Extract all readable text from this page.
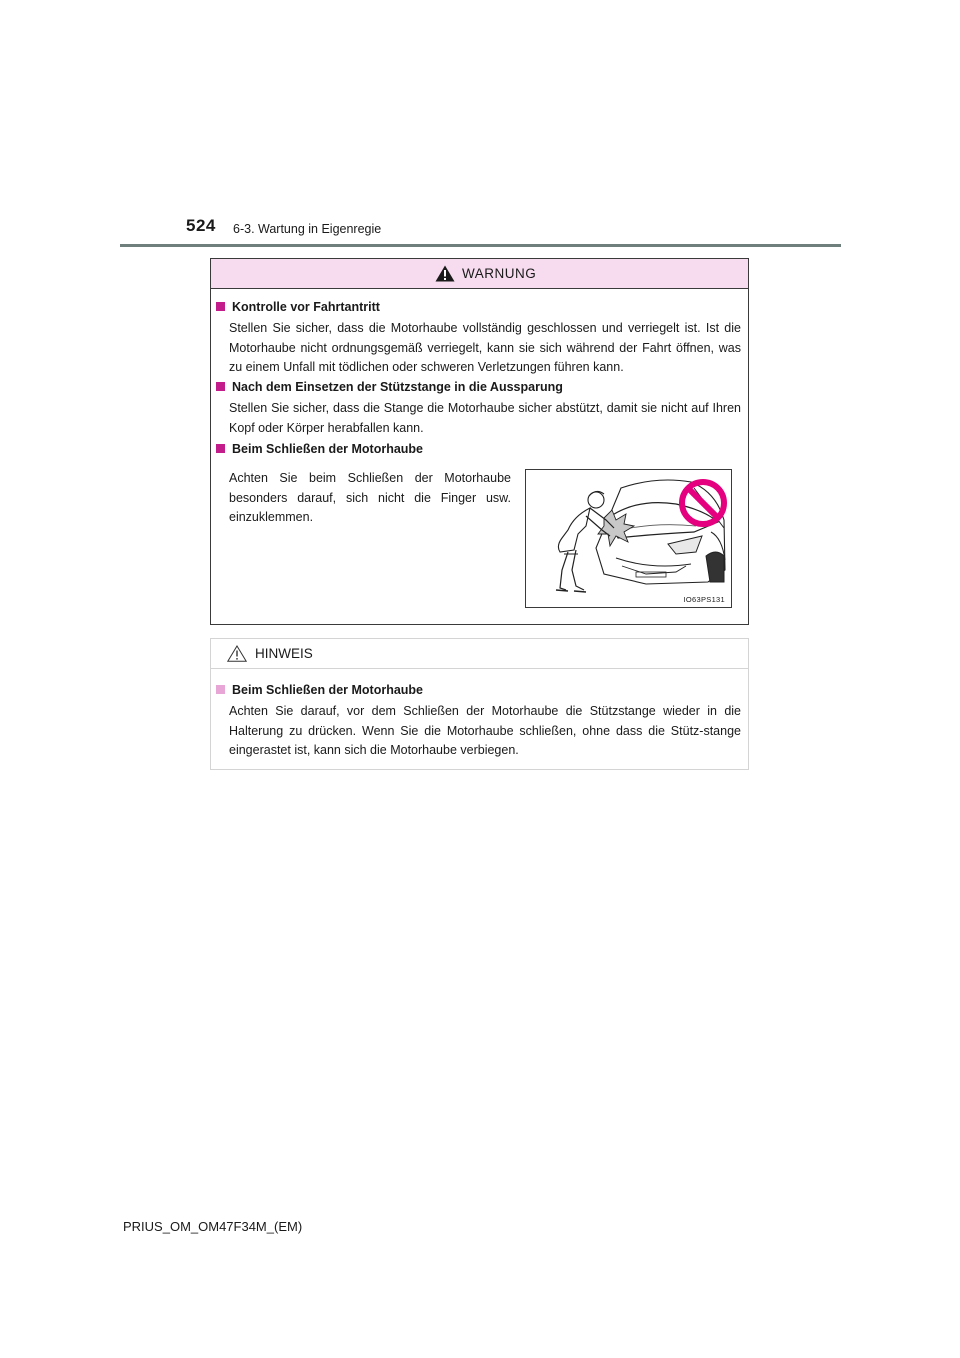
524 6-3. Wartung in Eigenregie
WARNUNG
Kontrolle vor Fahrtantritt
Stellen Sie sicher, dass die Motorhaube vollständig geschlossen und verriegelt ist. Ist die Motorhaube nicht ordnungsgemäß verriegelt, kann sie sich während der Fahrt öffnen, was zu einem Unfall mit tödlichen oder schweren Verletzungen führen kann.
Nach dem Einsetzen der Stützstange in die Aussparung
Stellen Sie sicher, dass die Stange die Motorhaube sicher abstützt, damit sie nicht auf Ihren Kopf oder Körper herabfallen kann.
Beim Schließen der Motorhaube
Achten Sie beim Schließen der Motorhaube besonders darauf, sich nicht die Finger usw. einzuklemmen.
IO63PS131
HINWEIS
Beim Schließen der Motorhaube
Achten Sie darauf, vor dem Schließen der Motorhaube die Stützstange wieder in die Halterung zu drücken. Wenn Sie die Motorhaube schließen, ohne dass die Stütz-stange eingerastet ist, kann sich die Motorhaube verbiegen.
PRIUS_OM_OM47F34M_(EM)
